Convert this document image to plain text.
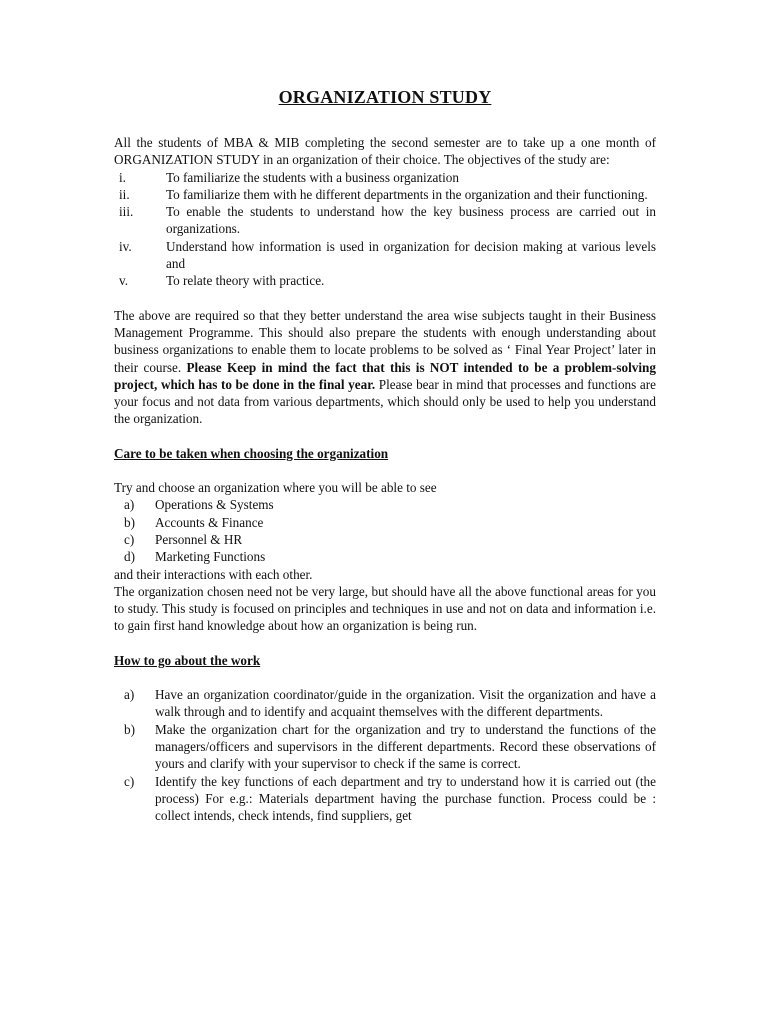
ORGANIZATION STUDY

All the students of MBA & MIB completing the second semester are to take up a one month of ORGANIZATION STUDY in an organization of their choice. The objectives of the study are:

i.	To familiarize the students with a business organization
ii.	To familiarize them with he different departments in the organization and their functioning.
iii.	To enable the students to understand how the key business process are carried out in organizations.
iv.	Understand how information is used in organization for decision making at various levels and
v.	To relate theory with practice.

The above are required so that they better understand the area wise subjects taught in their Business Management Programme. This should also prepare the students with enough understanding about business organizations to enable them to locate problems to be solved as ‘ Final Year Project’ later in their course. Please Keep in mind the fact that this is NOT intended to be a problem-solving project, which has to be done in the final year. Please bear in mind that processes and functions are your focus and not data from various departments, which should only be used to help you understand the organization.

Care to be taken when choosing the organization

Try and choose an organization where you will be able to see

a)	Operations & Systems
b)	Accounts & Finance
c)	Personnel & HR
d)	Marketing Functions

and their interactions with each other.

The organization chosen need not be very large, but should have all the above functional areas for you to study. This study is focused on principles and techniques in use and not on data and information i.e. to gain first hand knowledge about how an organization is being run.

How to go about the work
a)	Have an organization coordinator/guide in the organization. Visit the organization and have a walk through and to identify and acquaint themselves with the different departments.
b)	Make the organization chart for the organization and try to understand the functions of the managers/officers and supervisors in the different departments. Record these observations of yours and clarify with your supervisor to check if the same is correct.
c)	Identify the key functions of each department and try to understand how it is carried out (the process) For e.g.: Materials department having the purchase function. Process could be : collect intends, check intends, find suppliers, get
